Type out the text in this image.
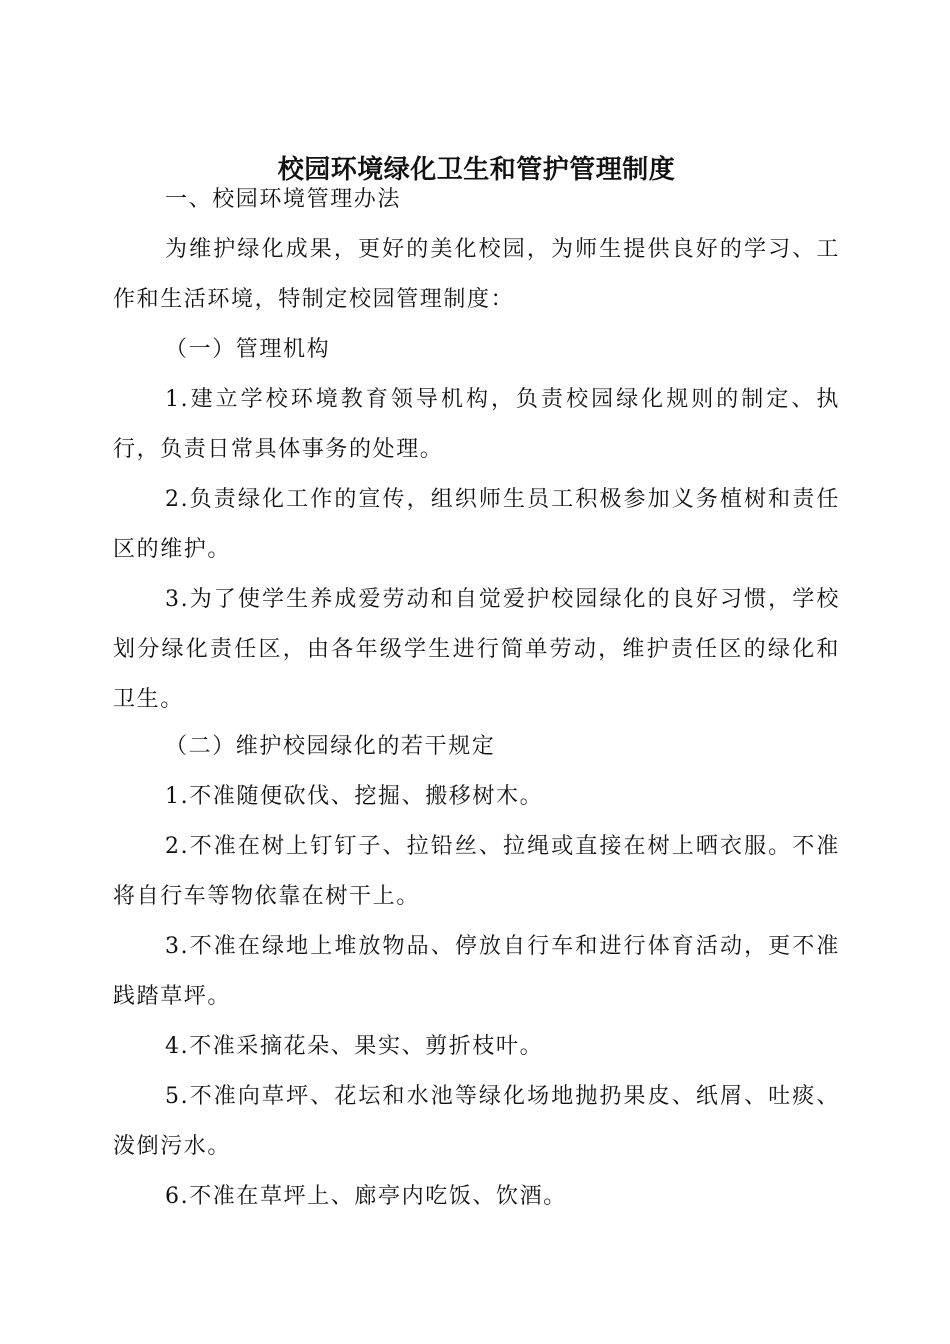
校园环境绿化卫生和管护管理制度

一、校园环境管理办法

为维护绿化成果，更好的美化校园，为师生提供良好的学习、工作和生活环境，特制定校园管理制度：

（一）管理机构

1.建立学校环境教育领导机构，负责校园绿化规则的制定、执行，负责日常具体事务的处理。

2.负责绿化工作的宣传，组织师生员工积极参加义务植树和责任区的维护。

3.为了使学生养成爱劳动和自觉爱护校园绿化的良好习惯，学校划分绿化责任区，由各年级学生进行简单劳动，维护责任区的绿化和卫生。

（二）维护校园绿化的若干规定

1.不准随便砍伐、挖掘、搬移树木。

2.不准在树上钉钉子、拉铅丝、拉绳或直接在树上晒衣服。不准将自行车等物依靠在树干上。

3.不准在绿地上堆放物品、停放自行车和进行体育活动，更不准践踏草坪。

4.不准采摘花朵、果实、剪折枝叶。

5.不准向草坪、花坛和水池等绿化场地抛扔果皮、纸屑、吐痰、泼倒污水。

6.不准在草坪上、廊亭内吃饭、饮酒。
